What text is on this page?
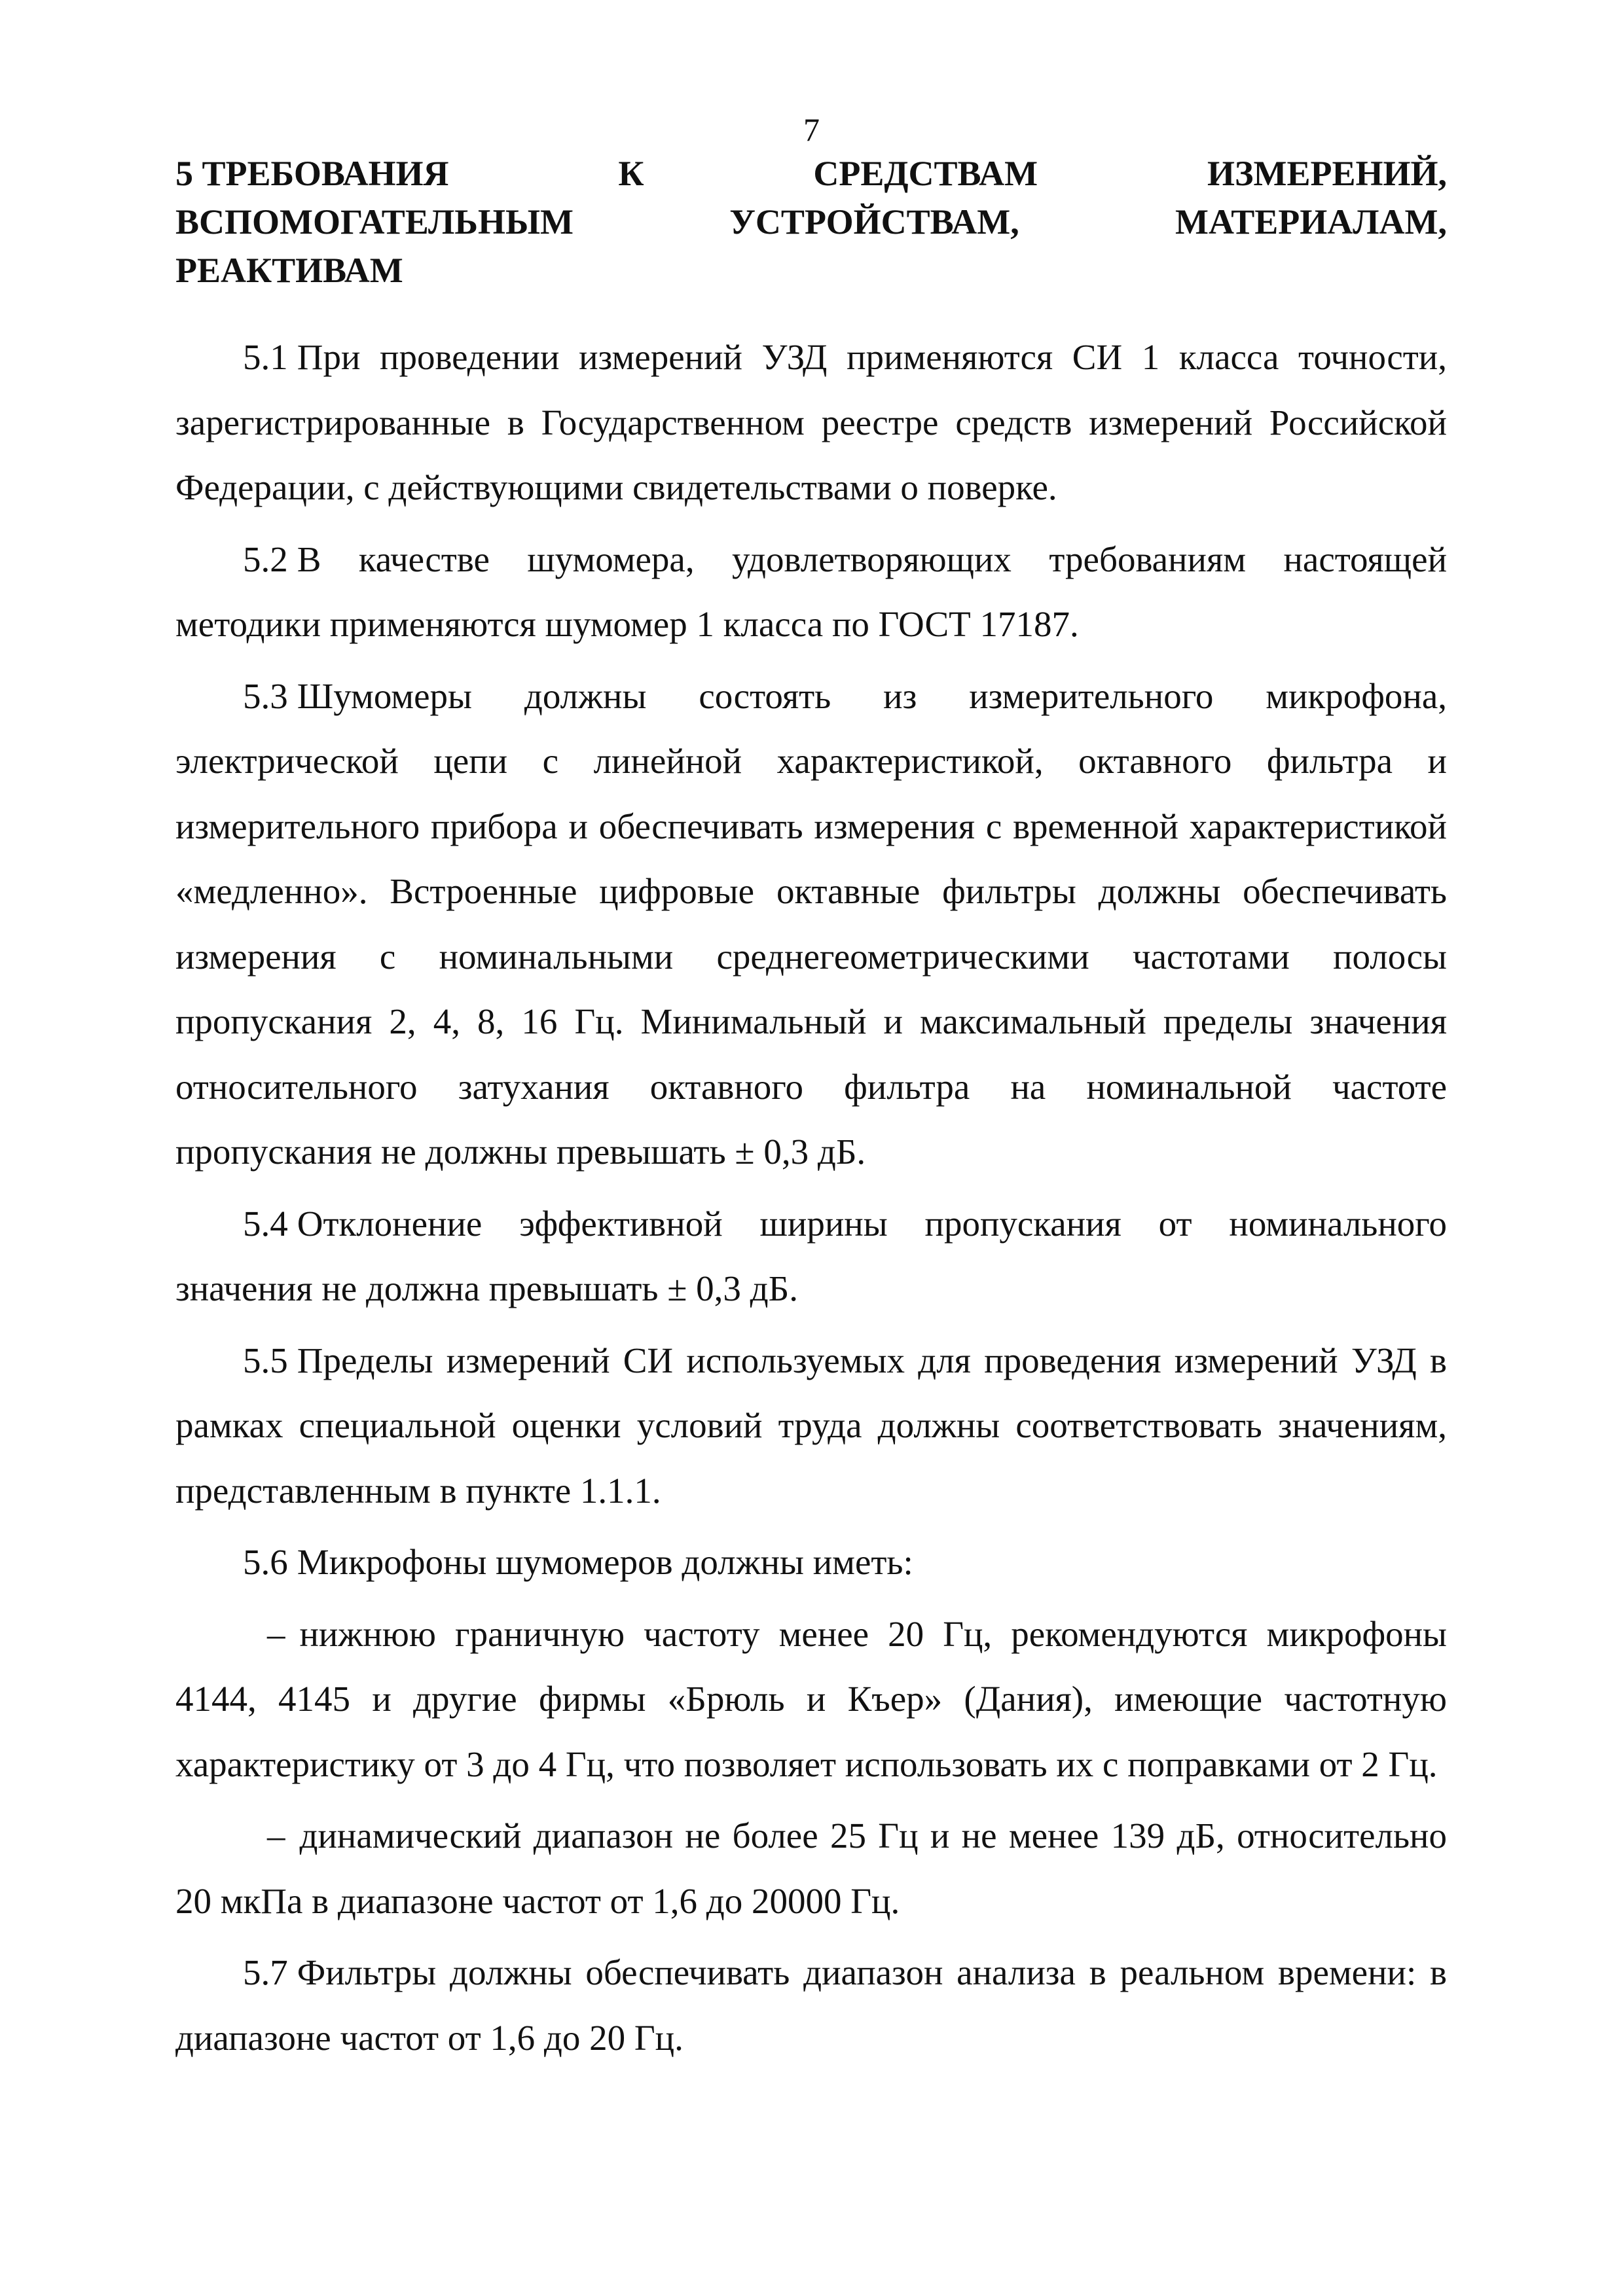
7
5 ТРЕБОВАНИЯ	К	СРЕДСТВАМ	ИЗМЕРЕНИЙ,
ВСПОМОГАТЕЛЬНЫМ	УСТРОЙСТВАМ,	МАТЕРИАЛАМ,
РЕАКТИВАМ

5.1 При проведении измерений УЗД применяются СИ 1 класса точности, зарегистрированные в Государственном реестре средств измерений Российской Федерации, с действующими свидетельствами о поверке.

5.2 В качестве шумомера, удовлетворяющих требованиям настоящей методики применяются шумомер 1 класса по ГОСТ 17187.

5.3 Шумомеры должны состоять из измерительного микрофона, электрической цепи с линейной характеристикой, октавного фильтра и измерительного прибора и обеспечивать измерения с временной характеристикой «медленно». Встроенные цифровые октавные фильтры должны обеспечивать измерения с номинальными среднегеометрическими частотами полосы пропускания 2, 4, 8, 16 Гц. Минимальный и максимальный пределы значения относительного затухания октавного фильтра на номинальной частоте пропускания не должны превышать ± 0,3 дБ.

5.4 Отклонение эффективной ширины пропускания от номинального значения не должна превышать ± 0,3 дБ.

5.5 Пределы измерений СИ используемых для проведения измерений УЗД в рамках специальной оценки условий труда должны соответствовать значениям, представленным в пункте 1.1.1.

5.6 Микрофоны шумомеров должны иметь:

– нижнюю граничную частоту менее 20 Гц, рекомендуются микрофоны 4144, 4145 и другие фирмы «Брюль и Къер» (Дания), имеющие частотную характеристику от 3 до 4 Гц, что позволяет использовать их с поправками от 2 Гц.

– динамический диапазон не более 25 Гц и не менее 139 дБ, относительно 20 мкПа в диапазоне частот от 1,6 до 20000 Гц.

5.7 Фильтры должны обеспечивать диапазон анализа в реальном времени: в диапазоне частот от 1,6 до 20 Гц.
